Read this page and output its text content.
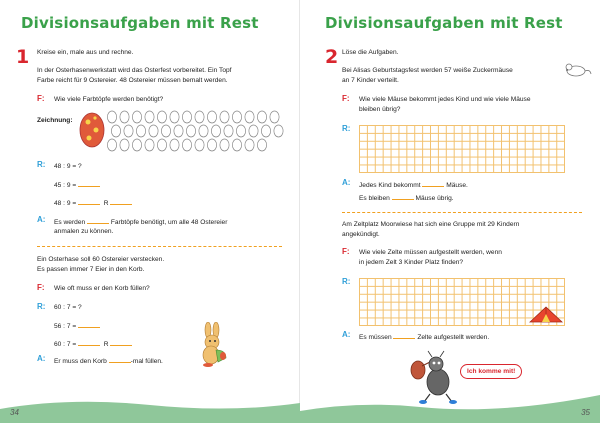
Divisionsaufgaben mit Rest
1 Kreise ein, male aus und rechne.
In der Osterhasenwerkstatt wird das Osterfest vorbereitet. Ein Topf
Farbe reicht für 9 Ostereier. 48 Ostereier müssen bemalt werden.
F: Wie viele Farbtöpfe werden benötigt?
Zeichnung:
R: 48 : 9 = ?
45 : 9 =
48 : 9 =	R
A: Es werden	Farbtöpfe benötigt, um alle 48 Ostereier
anmalen zu können.
Ein Osterhase soll 60 Ostereier verstecken.
Es passen immer 7 Eier in den Korb.
F: Wie oft muss er den Korb füllen?
R: 60 : 7 = ?
56 : 7 =
60 : 7 =	R
A: Er muss den Korb	-mal füllen.
34
Divisionsaufgaben mit Rest
2 Löse die Aufgaben.
Bei Alisas Geburtstagsfest werden 57 weiße Zuckermäuse
an 7 Kinder verteilt.
F: Wie viele Mäuse bekommt jedes Kind und wie viele Mäuse
bleiben übrig?
R:
A: Jedes Kind bekommt	Mäuse.
Es bleiben	Mäuse übrig.
Am Zeltplatz Moorwiese hat sich eine Gruppe mit 29 Kindern
angekündigt.
F: Wie viele Zelte müssen aufgestellt werden, wenn
in jedem Zelt 3 Kinder Platz finden?
R:
A: Es müssen	Zelte aufgestellt werden.
Ich komme mit!
35
